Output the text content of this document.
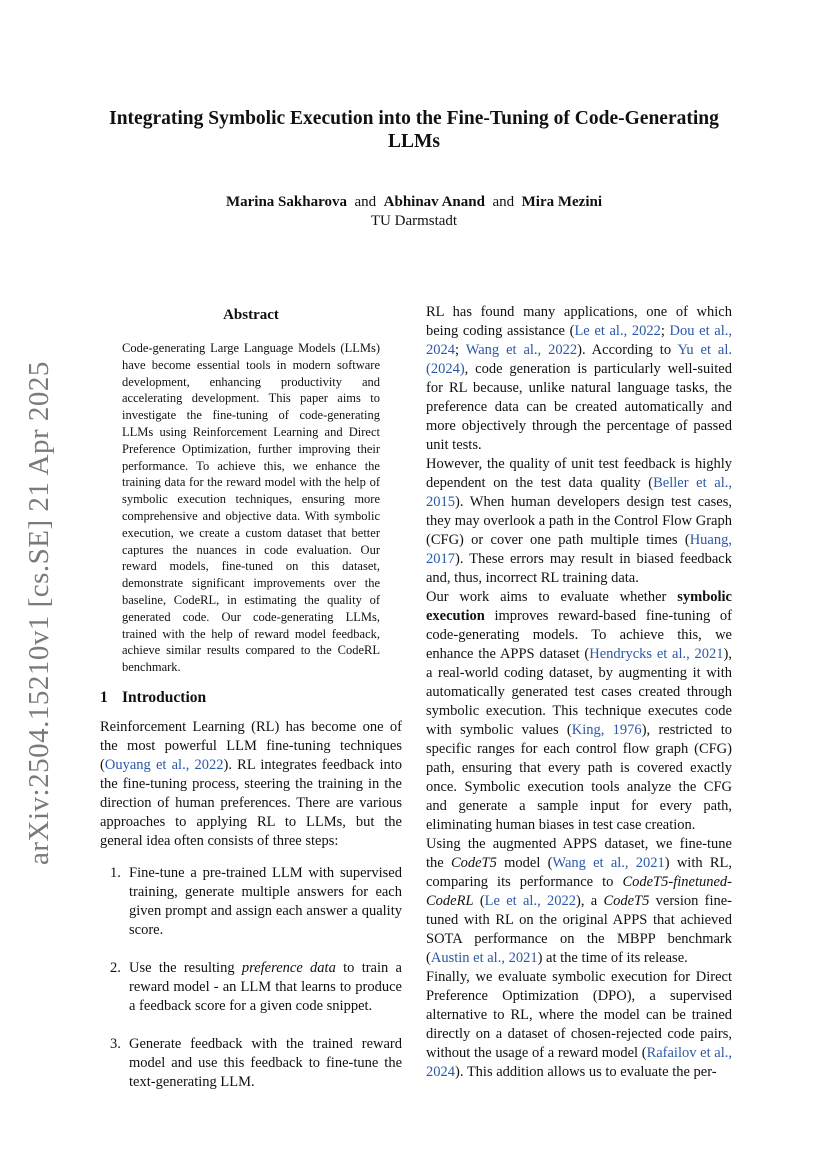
arXiv:2504.15210v1 [cs.SE] 21 Apr 2025
Integrating Symbolic Execution into the Fine-Tuning of Code-Generating
LLMs
Marina Sakharova and Abhinav Anand and Mira Mezini
TU Darmstadt
Abstract
Code-generating Large Language Models (LLMs) have become essential tools in modern software development, enhancing productivity and accelerating development. This paper aims to investigate the fine-tuning of code-generating LLMs using Reinforcement Learning and Direct Preference Optimization, further improving their performance. To achieve this, we enhance the training data for the reward model with the help of symbolic execution techniques, ensuring more comprehensive and objective data. With symbolic execution, we create a custom dataset that better captures the nuances in code evaluation. Our reward models, fine-tuned on this dataset, demonstrate significant improvements over the baseline, CodeRL, in estimating the quality of generated code. Our code-generating LLMs, trained with the help of reward model feedback, achieve similar results compared to the CodeRL benchmark.
1 Introduction
Reinforcement Learning (RL) has become one of the most powerful LLM fine-tuning techniques (Ouyang et al., 2022). RL integrates feedback into the fine-tuning process, steering the training in the direction of human preferences. There are various approaches to applying RL to LLMs, but the general idea often consists of three steps:
1. Fine-tune a pre-trained LLM with supervised training, generate multiple answers for each given prompt and assign each answer a quality score.
2. Use the resulting preference data to train a reward model - an LLM that learns to produce a feedback score for a given code snippet.
3. Generate feedback with the trained reward model and use this feedback to fine-tune the text-generating LLM.

RL has found many applications, one of which being coding assistance (Le et al., 2022; Dou et al., 2024; Wang et al., 2022). According to Yu et al. (2024), code generation is particularly well-suited for RL because, unlike natural language tasks, the preference data can be created automatically and more objectively through the percentage of passed unit tests.

However, the quality of unit test feedback is highly dependent on the test data quality (Beller et al., 2015). When human developers design test cases, they may overlook a path in the Control Flow Graph (CFG) or cover one path multiple times (Huang, 2017). These errors may result in biased feedback and, thus, incorrect RL training data.

Our work aims to evaluate whether symbolic execution improves reward-based fine-tuning of code-generating models. To achieve this, we enhance the APPS dataset (Hendrycks et al., 2021), a real-world coding dataset, by augmenting it with automatically generated test cases created through symbolic execution. This technique executes code with symbolic values (King, 1976), restricted to specific ranges for each control flow graph (CFG) path, ensuring that every path is covered exactly once. Symbolic execution tools analyze the CFG and generate a sample input for every path, eliminating human biases in test case creation.

Using the augmented APPS dataset, we fine-tune the CodeT5 model (Wang et al., 2021) with RL, comparing its performance to CodeT5-finetuned-CodeRL (Le et al., 2022), a CodeT5 version fine-tuned with RL on the original APPS that achieved SOTA performance on the MBPP benchmark (Austin et al., 2021) at the time of its release.

Finally, we evaluate symbolic execution for Direct Preference Optimization (DPO), a supervised alternative to RL, where the model can be trained directly on a dataset of chosen-rejected code pairs, without the usage of a reward model (Rafailov et al., 2024). This addition allows us to evaluate the per-
